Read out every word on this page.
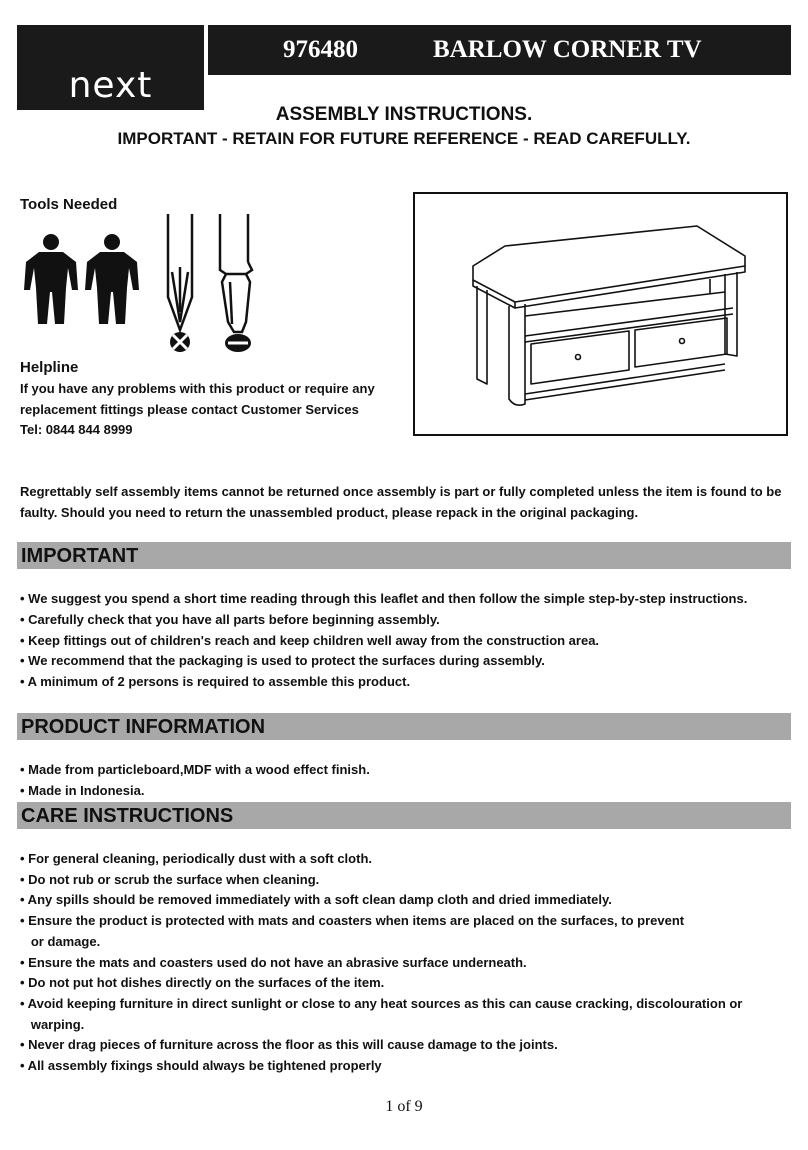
next
976480	BARLOW CORNER TV
ASSEMBLY INSTRUCTIONS.
IMPORTANT - RETAIN FOR FUTURE REFERENCE - READ CAREFULLY.
Tools Needed
Helpline
If you have any problems with this product or require any replacement fittings please contact Customer Services Tel: 0844 844 8999
Regrettably self assembly items cannot be returned once assembly is part or fully completed unless the item is found to be faulty. Should you need to return the unassembled product, please repack in the original packaging.
IMPORTANT
• We suggest you spend a short time reading through this leaflet and then follow the simple step-by-step instructions.
• Carefully check that you have all parts before beginning assembly.
• Keep fittings out of children's reach and keep children well away from the construction area.
• We recommend that the packaging is used to protect the surfaces during assembly.
• A minimum of 2 persons is required to assemble this product.
PRODUCT INFORMATION
• Made from particleboard,MDF with a wood effect finish.
• Made in Indonesia.
CARE INSTRUCTIONS
• For general cleaning, periodically dust with a soft cloth.
• Do not rub or scrub the surface when cleaning.
• Any spills should be removed immediately with a soft clean damp cloth and dried immediately.
• Ensure the product is protected with mats and coasters when items are placed on the surfaces, to prevent
or damage.
• Ensure the mats and coasters used do not have an abrasive surface underneath.
• Do not put hot dishes directly on the surfaces of the item.
• Avoid keeping furniture in direct sunlight or close to any heat sources as this can cause cracking, discolouration or
warping.
• Never drag pieces of furniture across the floor as this will cause damage to the joints.
• All assembly fixings should always be tightened properly
1 of 9
